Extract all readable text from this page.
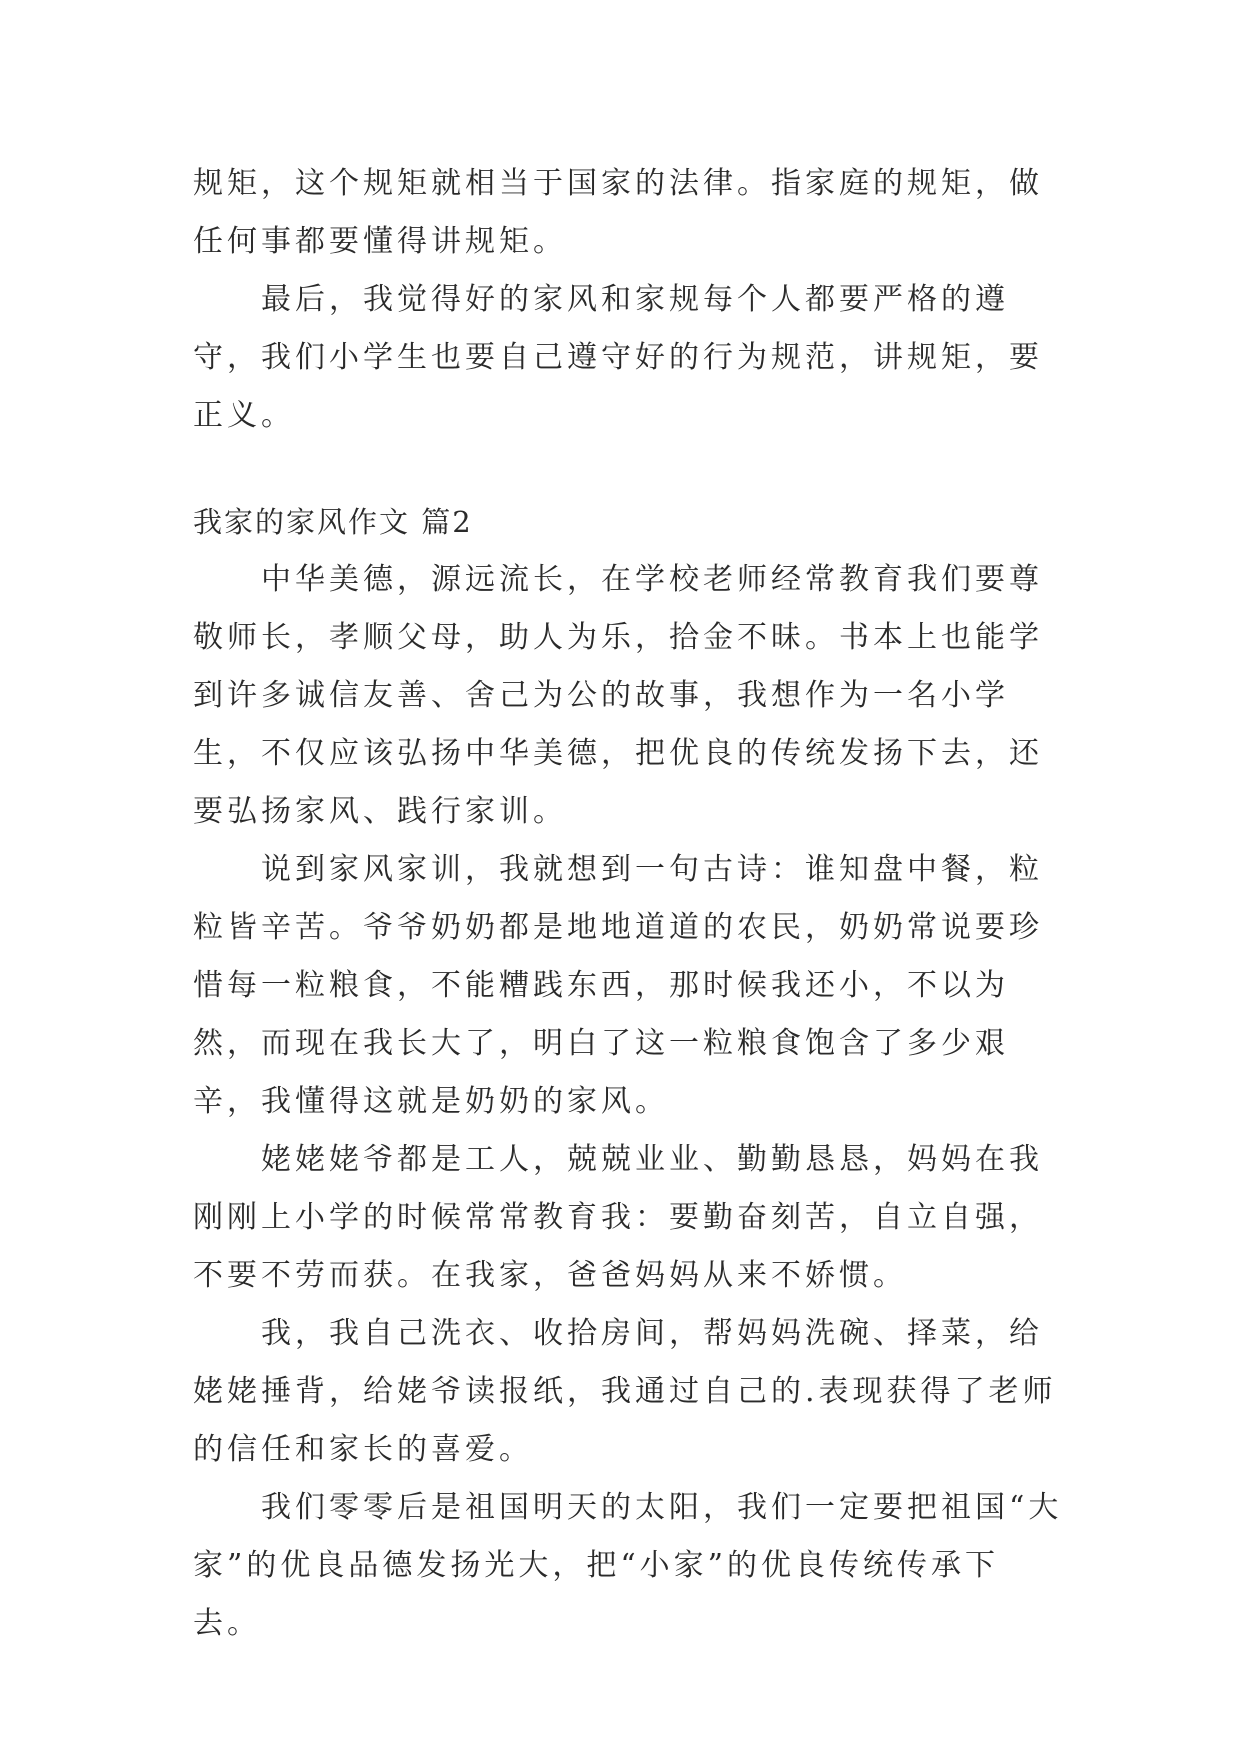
规矩，这个规矩就相当于国家的法律。指家庭的规矩，做任何事都要懂得讲规矩。

最后，我觉得好的家风和家规每个人都要严格的遵守，我们小学生也要自己遵守好的行为规范，讲规矩，要正义。

我家的家风作文 篇2

中华美德，源远流长，在学校老师经常教育我们要尊敬师长，孝顺父母，助人为乐，拾金不昧。书本上也能学到许多诚信友善、舍己为公的故事，我想作为一名小学生，不仅应该弘扬中华美德，把优良的传统发扬下去，还要弘扬家风、践行家训。

说到家风家训，我就想到一句古诗：谁知盘中餐，粒粒皆辛苦。爷爷奶奶都是地地道道的农民，奶奶常说要珍惜每一粒粮食，不能糟践东西，那时候我还小，不以为然，而现在我长大了，明白了这一粒粮食饱含了多少艰辛，我懂得这就是奶奶的家风。

姥姥姥爷都是工人，兢兢业业、勤勤恳恳，妈妈在我刚刚上小学的时候常常教育我：要勤奋刻苦，自立自强，不要不劳而获。在我家，爸爸妈妈从来不娇惯。

我，我自己洗衣、收拾房间，帮妈妈洗碗、择菜，给姥姥捶背，给姥爷读报纸，我通过自己的.表现获得了老师的信任和家长的喜爱。

我们零零后是祖国明天的太阳，我们一定要把祖国“大家”的优良品德发扬光大，把“小家”的优良传统传承下去。
